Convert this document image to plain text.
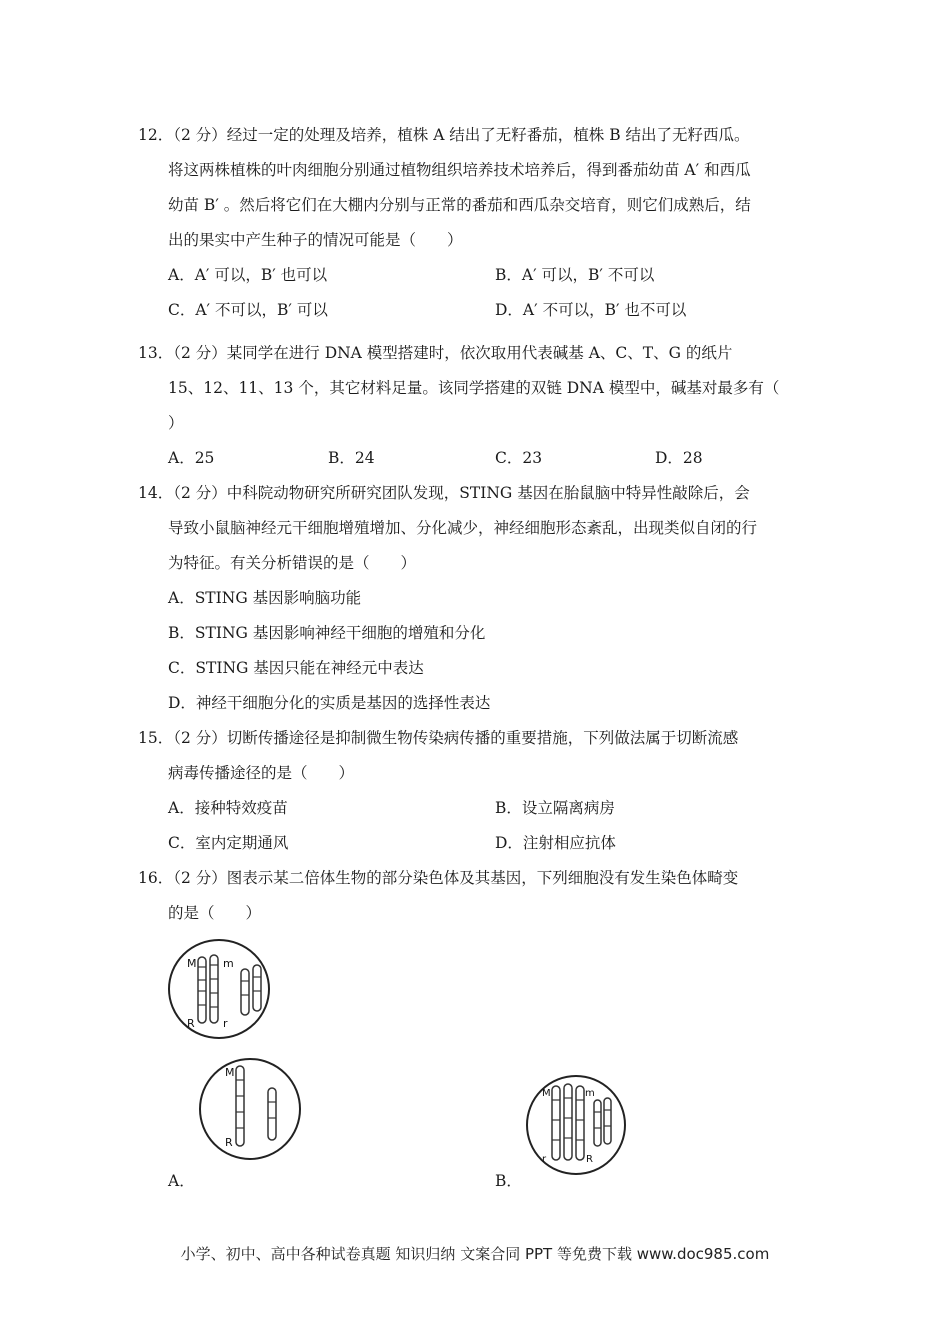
12．（2 分）经过一定的处理及培养，植株 A 结出了无籽番茄，植株 B 结出了无籽西瓜。
将这两株植株的叶肉细胞分别通过植物组织培养技术培养后，得到番茄幼苗 A′ 和西瓜
幼苗 B′ 。然后将它们在大棚内分别与正常的番茄和西瓜杂交培育，则它们成熟后，结
出的果实中产生种子的情况可能是（　　）
A．A′ 可以，B′ 也可以	B．A′ 可以，B′ 不可以
C．A′ 不可以，B′ 可以	D．A′ 不可以，B′ 也不可以
13．（2 分）某同学在进行 DNA 模型搭建时，依次取用代表碱基 A、C、T、G 的纸片
15、12、11、13 个，其它材料足量。该同学搭建的双链 DNA 模型中，碱基对最多有（
）
A．25	B．24	C．23	D．28
14．（2 分）中科院动物研究所研究团队发现，STING 基因在胎鼠脑中特异性敲除后，会
导致小鼠脑神经元干细胞增殖增加、分化减少，神经细胞形态紊乱，出现类似自闭的行
为特征。有关分析错误的是（　　）
A．STING 基因影响脑功能
B．STING 基因影响神经干细胞的增殖和分化
C．STING 基因只能在神经元中表达
D．神经干细胞分化的实质是基因的选择性表达
15．（2 分）切断传播途径是抑制微生物传染病传播的重要措施，下列做法属于切断流感
病毒传播途径的是（　　）
A．接种特效疫苗	B．设立隔离病房
C．室内定期通风	D．注射相应抗体
16．（2 分）图表示某二倍体生物的部分染色体及其基因，下列细胞没有发生染色体畸变
的是（　　）
M m
R	r
M
R
A．
M	m
r	R
B．
小学、初中、高中各种试卷真题 知识归纳 文案合同 PPT 等免费下载 www.doc985.com
